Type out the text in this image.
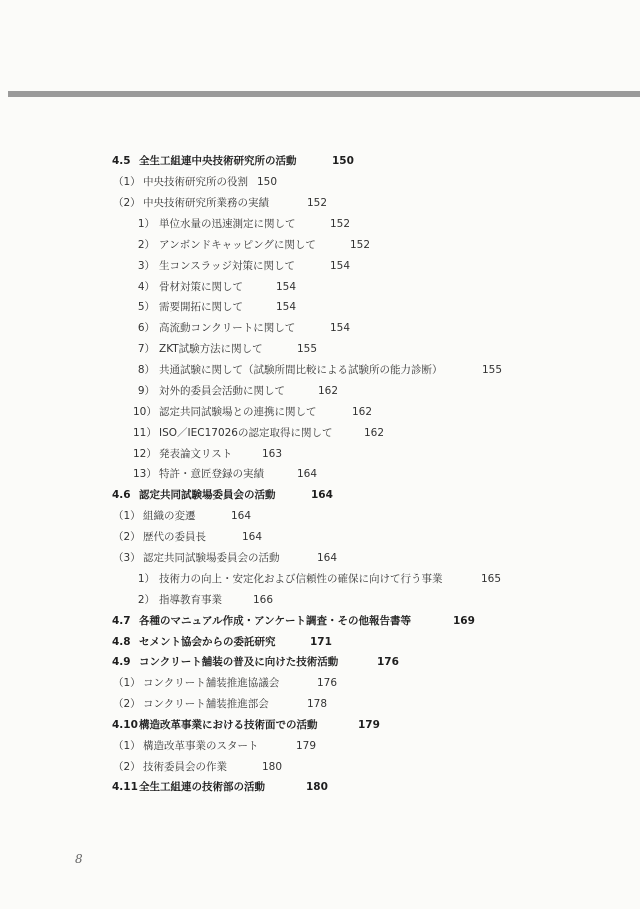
4.5 全生工組連中央技術研究所の活動	150
（1） 中央技術研究所の役割 150
（2） 中央技術研究所業務の実績	152
1） 単位水量の迅速測定に関して	152
2） アンボンドキャッピングに関して	152
3） 生コンスラッジ対策に関して	154
4） 骨材対策に関して	154
5） 需要開拓に関して	154
6） 高流動コンクリートに関して	154
7） ZKT試験方法に関して	155
8） 共通試験に関して（試験所間比較による試験所の能力診断）	155
9） 対外的委員会活動に関して	162
10） 認定共同試験場との連携に関して	162
11） ISO／IEC17026の認定取得に関して	162
12） 発表論文リスト	163
13） 特許・意匠登録の実績	164
4.6 認定共同試験場委員会の活動	164
（1） 組織の変遷	164
（2） 歴代の委員長	164
（3） 認定共同試験場委員会の活動	164
1） 技術力の向上・安定化および信頼性の確保に向けて行う事業	165
2） 指導教育事業	166
4.7 各種のマニュアル作成・アンケート調査・その他報告書等	169
4.8 セメント協会からの委託研究	171
4.9 コンクリート舗装の普及に向けた技術活動	176
（1） コンクリート舗装推進協議会	176
（2） コンクリート舗装推進部会	178
4.10構造改革事業における技術面での活動	179
（1） 構造改革事業のスタート	179
（2） 技術委員会の作業	180
4.11全生工組連の技術部の活動	180
8
